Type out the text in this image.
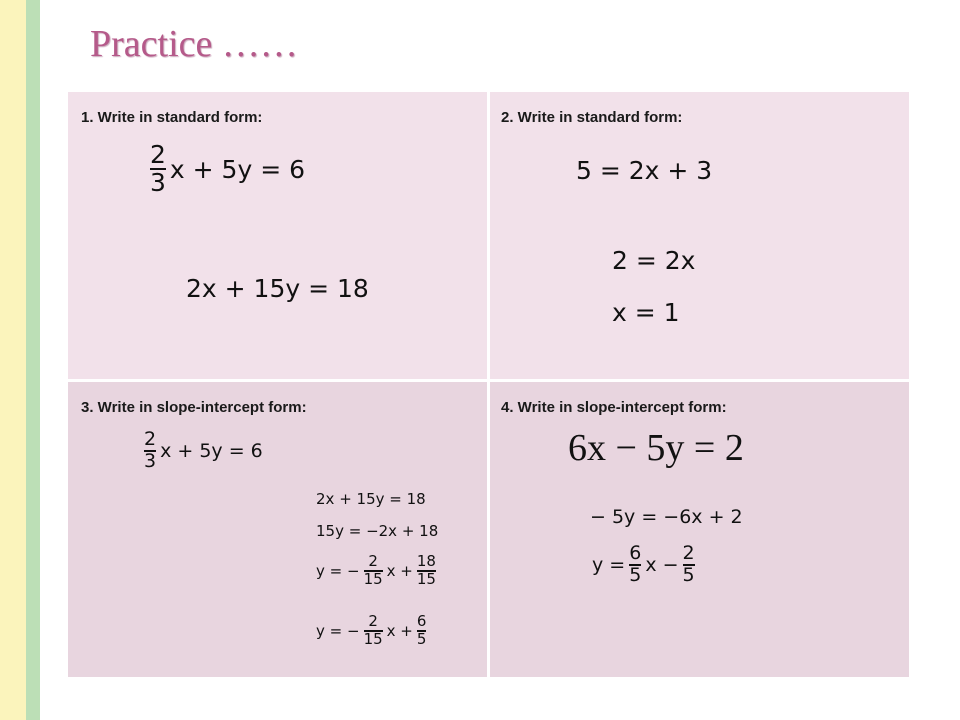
Practice ……
1. Write in standard form:
$\frac{2}{3}$ x + 5y = 6
2x + 15y = 18
2. Write in standard form:
5 = 2x + 3
2 = 2x
x = 1
3. Write in slope-intercept form:
$\frac{2}{3}$ x + 5y = 6
2x + 15y = 18
15y = −2x + 18
y = − $\frac{2}{15}$ $x + \frac{18}{15}$
y = − $\frac{2}{15}$ $x + \frac{6}{5}$
4. Write in slope-intercept form:
6x − 5y = 2
− 5y = −6x + 2
$y = \frac{6}{5}$ $x - \frac{2}{5}$
